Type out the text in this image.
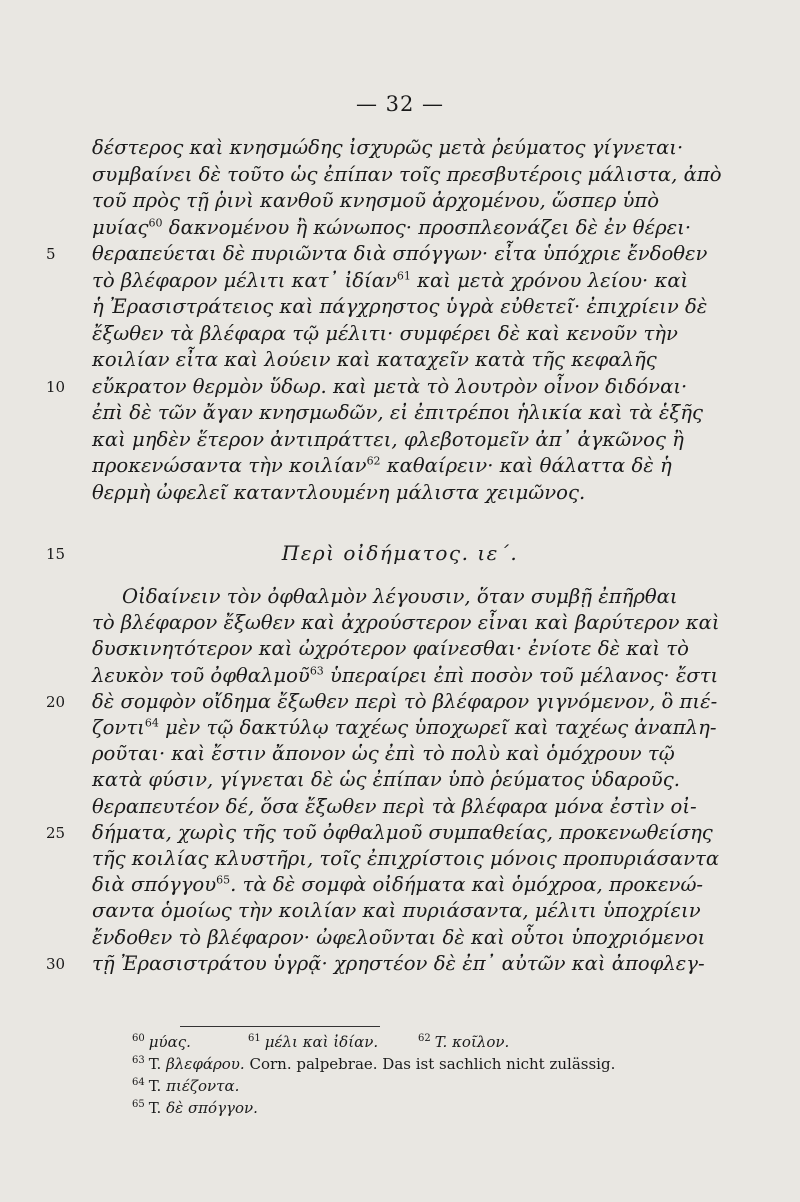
— 32 —
δέστερος καὶ κνησμώδης ἰσχυρῶς μετὰ ῥεύματος γίγνεται·
συμβαίνει δὲ τοῦτο ὡς ἐπίπαν τοῖς πρεσβυτέροις μάλιστα, ἀπὸ
τοῦ πρὸς τῇ ῥινὶ κανθοῦ κνησμοῦ ἀρχομένου, ὥσπερ ὑπὸ
μυίας$^{60}$ δακνομένου ἢ κώνωπος· προσπλεονάζει δὲ ἐν θέρει·
θεραπεύεται δὲ πυριῶντα διὰ σπόγγων· εἶτα ὑπόχριε ἔνδοθεν
5
τὸ βλέφαρον μέλιτι κατ᾽ ἰδίαν$^{61}$ καὶ μετὰ χρόνου λείου· καὶ
ἡ Ἐρασιστράτειος καὶ πάγχρηστος ὑγρὰ εὐθετεῖ· ἐπιχρίειν δὲ
ἔξωθεν τὰ βλέφαρα τῷ μέλιτι· συμφέρει δὲ καὶ κενοῦν τὴν
κοιλίαν εἶτα καὶ λούειν καὶ καταχεῖν κατὰ τῆς κεφαλῆς
εὔκρατον θερμὸν ὕδωρ. καὶ μετὰ τὸ λουτρὸν οἶνον διδόναι·
10
ἐπὶ δὲ τῶν ἄγαν κνησμωδῶν, εἰ ἐπιτρέποι ἡλικία καὶ τὰ ἑξῆς
καὶ μηδὲν ἕτερον ἀντιπράττει, φλεβοτομεῖν ἀπ᾽ ἀγκῶνος ἢ
προκενώσαντα τὴν κοιλίαν$^{62}$ καθαίρειν· καὶ θάλαττα δὲ ἡ
θερμὴ ὠφελεῖ καταντλουμένη μάλιστα χειμῶνος.
15	Περὶ οἰδήματος. ιε΄.
Οἰδαίνειν τὸν ὀφθαλμὸν λέγουσιν, ὅταν συμβῇ ἐπῆρθαι
τὸ βλέφαρον ἔξωθεν καὶ ἀχρούστερον εἶναι καὶ βαρύτερον καὶ
δυσκινητότερον καὶ ὠχρότερον φαίνεσθαι· ἐνίοτε δὲ καὶ τὸ
λευκὸν τοῦ ὀφθαλμοῦ$^{63}$ ὑπεραίρει ἐπὶ ποσὸν τοῦ μέλανος· ἔστι
δὲ σομφὸν οἴδημα ἔξωθεν περὶ τὸ βλέφαρον γιγνόμενον, ὃ πιέ-
20
ζοντι$^{64}$ μὲν τῷ δακτύλῳ ταχέως ὑποχωρεῖ καὶ ταχέως ἀναπλη-
ροῦται· καὶ ἔστιν ἄπονον ὡς ἐπὶ τὸ πολὺ καὶ ὁμόχρουν τῷ
κατὰ φύσιν, γίγνεται δὲ ὡς ἐπίπαν ὑπὸ ῥεύματος ὑδαροῦς.
θεραπευτέον δέ, ὅσα ἔξωθεν περὶ τὰ βλέφαρα μόνα ἐστὶν οἰ-
δήματα, χωρὶς τῆς τοῦ ὀφθαλμοῦ συμπαθείας, προκενωθείσης
25
τῆς κοιλίας κλυστῆρι, τοῖς ἐπιχρίστοις μόνοις προπυριάσαντα
διὰ σπόγγου$^{65}$. τὰ δὲ σομφὰ οἰδήματα καὶ ὁμόχροα, προκενώ-
σαντα ὁμοίως τὴν κοιλίαν καὶ πυριάσαντα, μέλιτι ὑποχρίειν
ἔνδοθεν τὸ βλέφαρον· ὠφελοῦνται δὲ καὶ οὗτοι ὑποχριόμενοι
τῇ Ἐρασιστράτου ὑγρᾷ· χρηστέον δὲ ἐπ᾽ αὐτῶν καὶ ἀποφλεγ-
30
$^{60}$ μύας.	$^{61}$ μέλι καὶ ἰδίαν.	$^{62}$ T. κοῖλον.
$^{63}$ T. βλεφάρου. Corn. palpebrae. Das ist sachlich nicht zulässig.
$^{64}$ T. πιέζοντα.
$^{65}$ T. δὲ σπόγγον.
